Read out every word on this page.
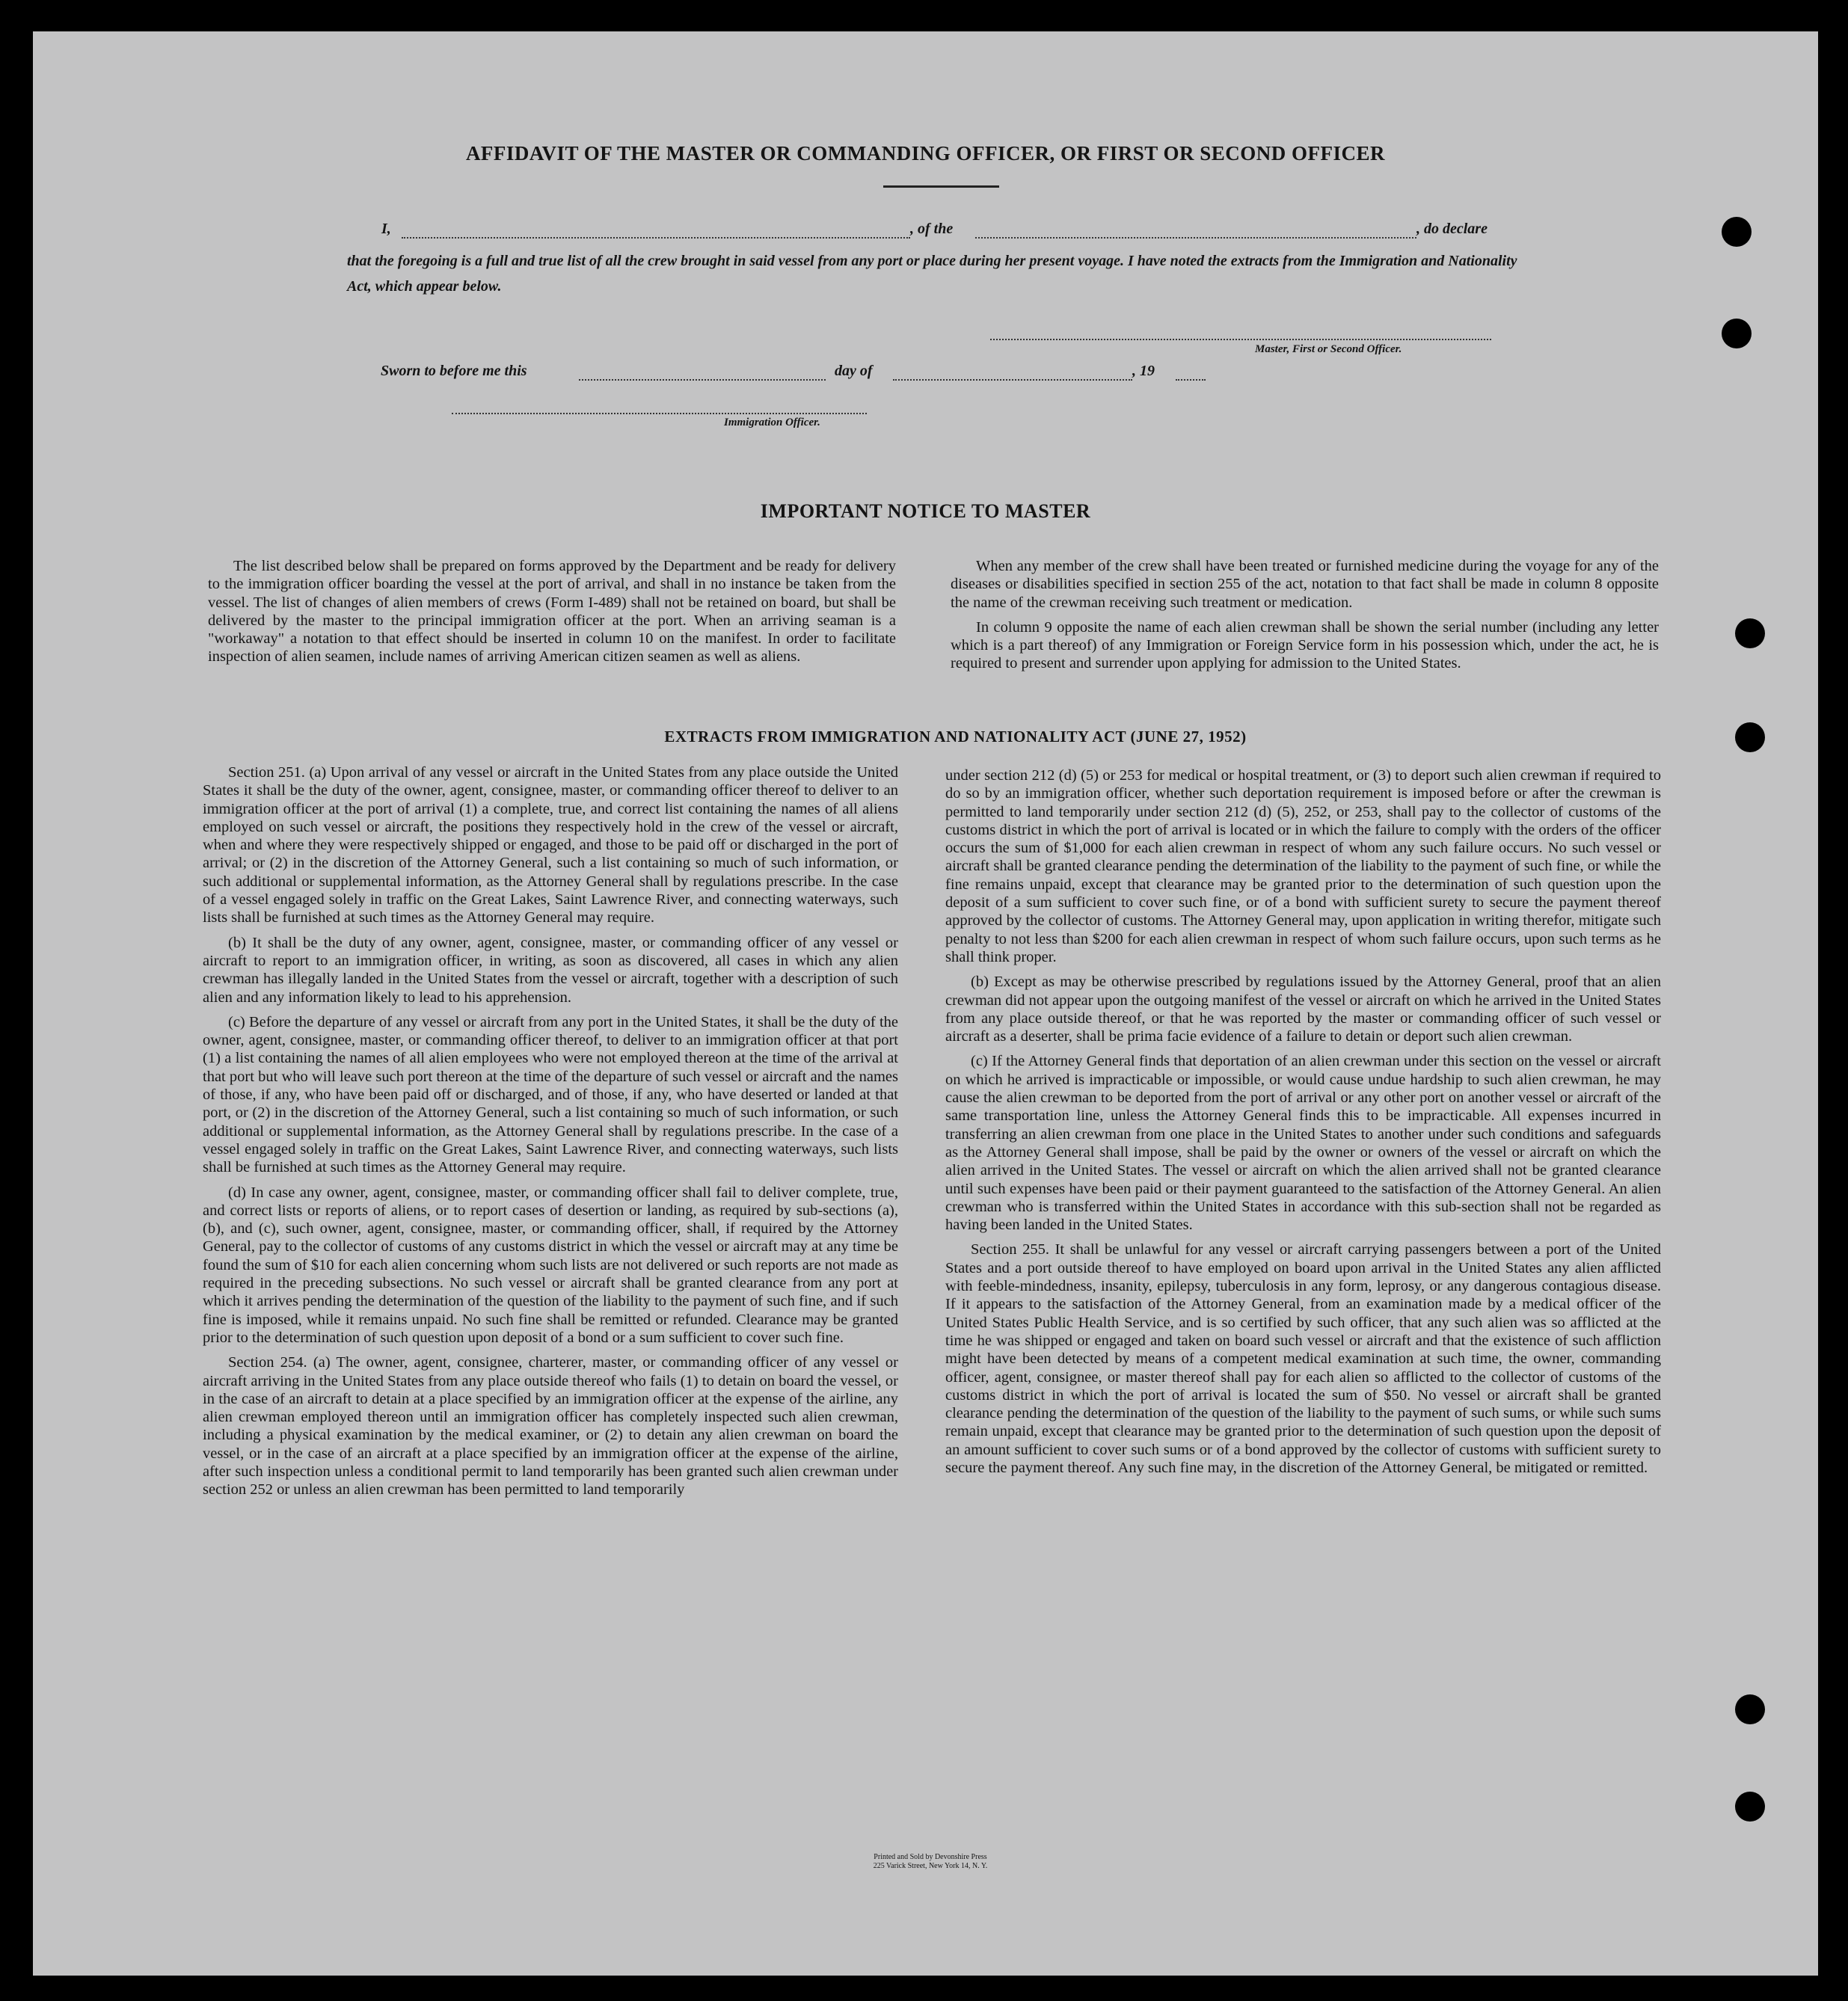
AFFIDAVIT OF THE MASTER OR COMMANDING OFFICER, OR FIRST OR SECOND OFFICER
I,	, of the	, do declare
that the foregoing is a full and true list of all the crew brought in said vessel from any port or place during her present voyage. I have noted the extracts from the Immigration and Nationality Act, which appear below.
Master, First or Second Officer.
Sworn to before me this	day of	, 19
Immigration Officer.
IMPORTANT NOTICE TO MASTER

The list described below shall be prepared on forms approved by the Department and be ready for delivery to the immigration officer boarding the vessel at the port of arrival, and shall in no instance be taken from the vessel. The list of changes of alien members of crews (Form I-489) shall not be retained on board, but shall be delivered by the master to the principal immigration officer at the port. When an arriving seaman is a "workaway" a notation to that effect should be inserted in column 10 on the manifest. In order to facilitate inspection of alien seamen, include names of arriving American citizen seamen as well as aliens.

When any member of the crew shall have been treated or furnished medicine during the voyage for any of the diseases or disabilities specified in section 255 of the act, notation to that fact shall be made in column 8 opposite the name of the crewman receiving such treatment or medication.

In column 9 opposite the name of each alien crewman shall be shown the serial number (including any letter which is a part thereof) of any Immigration or Foreign Service form in his possession which, under the act, he is required to present and surrender upon applying for admission to the United States.

EXTRACTS FROM IMMIGRATION AND NATIONALITY ACT (JUNE 27, 1952)

Section 251. (a) Upon arrival of any vessel or aircraft in the United States from any place outside the United States it shall be the duty of the owner, agent, consignee, master, or commanding officer thereof to deliver to an immigration officer at the port of arrival (1) a complete, true, and correct list containing the names of all aliens employed on such vessel or aircraft, the positions they respectively hold in the crew of the vessel or aircraft, when and where they were respectively shipped or engaged, and those to be paid off or discharged in the port of arrival; or (2) in the discretion of the Attorney General, such a list containing so much of such information, or such additional or supplemental information, as the Attorney General shall by regulations prescribe. In the case of a vessel engaged solely in traffic on the Great Lakes, Saint Lawrence River, and connecting waterways, such lists shall be furnished at such times as the Attorney General may require.

(b) It shall be the duty of any owner, agent, consignee, master, or commanding officer of any vessel or aircraft to report to an immigration officer, in writing, as soon as discovered, all cases in which any alien crewman has illegally landed in the United States from the vessel or aircraft, together with a description of such alien and any information likely to lead to his apprehension.

(c) Before the departure of any vessel or aircraft from any port in the United States, it shall be the duty of the owner, agent, consignee, master, or commanding officer thereof, to deliver to an immigration officer at that port (1) a list containing the names of all alien employees who were not employed thereon at the time of the arrival at that port but who will leave such port thereon at the time of the departure of such vessel or aircraft and the names of those, if any, who have been paid off or discharged, and of those, if any, who have deserted or landed at that port, or (2) in the discretion of the Attorney General, such a list containing so much of such information, or such additional or supplemental information, as the Attorney General shall by regulations prescribe. In the case of a vessel engaged solely in traffic on the Great Lakes, Saint Lawrence River, and connecting waterways, such lists shall be furnished at such times as the Attorney General may require.

(d) In case any owner, agent, consignee, master, or commanding officer shall fail to deliver complete, true, and correct lists or reports of aliens, or to report cases of desertion or landing, as required by sub-sections (a), (b), and (c), such owner, agent, consignee, master, or commanding officer, shall, if required by the Attorney General, pay to the collector of customs of any customs district in which the vessel or aircraft may at any time be found the sum of $10 for each alien concerning whom such lists are not delivered or such reports are not made as required in the preceding subsections. No such vessel or aircraft shall be granted clearance from any port at which it arrives pending the determination of the question of the liability to the payment of such fine, and if such fine is imposed, while it remains unpaid. No such fine shall be remitted or refunded. Clearance may be granted prior to the determination of such question upon deposit of a bond or a sum sufficient to cover such fine.

Section 254. (a) The owner, agent, consignee, charterer, master, or commanding officer of any vessel or aircraft arriving in the United States from any place outside thereof who fails (1) to detain on board the vessel, or in the case of an aircraft to detain at a place specified by an immigration officer at the expense of the airline, any alien crewman employed thereon until an immigration officer has completely inspected such alien crewman, including a physical examination by the medical examiner, or (2) to detain any alien crewman on board the vessel, or in the case of an aircraft at a place specified by an immigration officer at the expense of the airline, after such inspection unless a conditional permit to land temporarily has been granted such alien crewman under section 252 or unless an alien crewman has been permitted to land temporarily

under section 212 (d) (5) or 253 for medical or hospital treatment, or (3) to deport such alien crewman if required to do so by an immigration officer, whether such deportation requirement is imposed before or after the crewman is permitted to land temporarily under section 212 (d) (5), 252, or 253, shall pay to the collector of customs of the customs district in which the port of arrival is located or in which the failure to comply with the orders of the officer occurs the sum of $1,000 for each alien crewman in respect of whom any such failure occurs. No such vessel or aircraft shall be granted clearance pending the determination of the liability to the payment of such fine, or while the fine remains unpaid, except that clearance may be granted prior to the determination of such question upon the deposit of a sum sufficient to cover such fine, or of a bond with sufficient surety to secure the payment thereof approved by the collector of customs. The Attorney General may, upon application in writing therefor, mitigate such penalty to not less than $200 for each alien crewman in respect of whom such failure occurs, upon such terms as he shall think proper.

(b) Except as may be otherwise prescribed by regulations issued by the Attorney General, proof that an alien crewman did not appear upon the outgoing manifest of the vessel or aircraft on which he arrived in the United States from any place outside thereof, or that he was reported by the master or commanding officer of such vessel or aircraft as a deserter, shall be prima facie evidence of a failure to detain or deport such alien crewman.

(c) If the Attorney General finds that deportation of an alien crewman under this section on the vessel or aircraft on which he arrived is impracticable or impossible, or would cause undue hardship to such alien crewman, he may cause the alien crewman to be deported from the port of arrival or any other port on another vessel or aircraft of the same transportation line, unless the Attorney General finds this to be impracticable. All expenses incurred in transferring an alien crewman from one place in the United States to another under such conditions and safeguards as the Attorney General shall impose, shall be paid by the owner or owners of the vessel or aircraft on which the alien arrived in the United States. The vessel or aircraft on which the alien arrived shall not be granted clearance until such expenses have been paid or their payment guaranteed to the satisfaction of the Attorney General. An alien crewman who is transferred within the United States in accordance with this sub-section shall not be regarded as having been landed in the United States.

Section 255. It shall be unlawful for any vessel or aircraft carrying passengers between a port of the United States and a port outside thereof to have employed on board upon arrival in the United States any alien afflicted with feeble-mindedness, insanity, epilepsy, tuberculosis in any form, leprosy, or any dangerous contagious disease. If it appears to the satisfaction of the Attorney General, from an examination made by a medical officer of the United States Public Health Service, and is so certified by such officer, that any such alien was so afflicted at the time he was shipped or engaged and taken on board such vessel or aircraft and that the existence of such affliction might have been detected by means of a competent medical examination at such time, the owner, commanding officer, agent, consignee, or master thereof shall pay for each alien so afflicted to the collector of customs of the customs district in which the port of arrival is located the sum of $50. No vessel or aircraft shall be granted clearance pending the determination of the question of the liability to the payment of such sums, or while such sums remain unpaid, except that clearance may be granted prior to the determination of such question upon the deposit of an amount sufficient to cover such sums or of a bond approved by the collector of customs with sufficient surety to secure the payment thereof. Any such fine may, in the discretion of the Attorney General, be mitigated or remitted.

Printed and Sold by Devonshire Press
225 Varick Street, New York 14, N. Y.
